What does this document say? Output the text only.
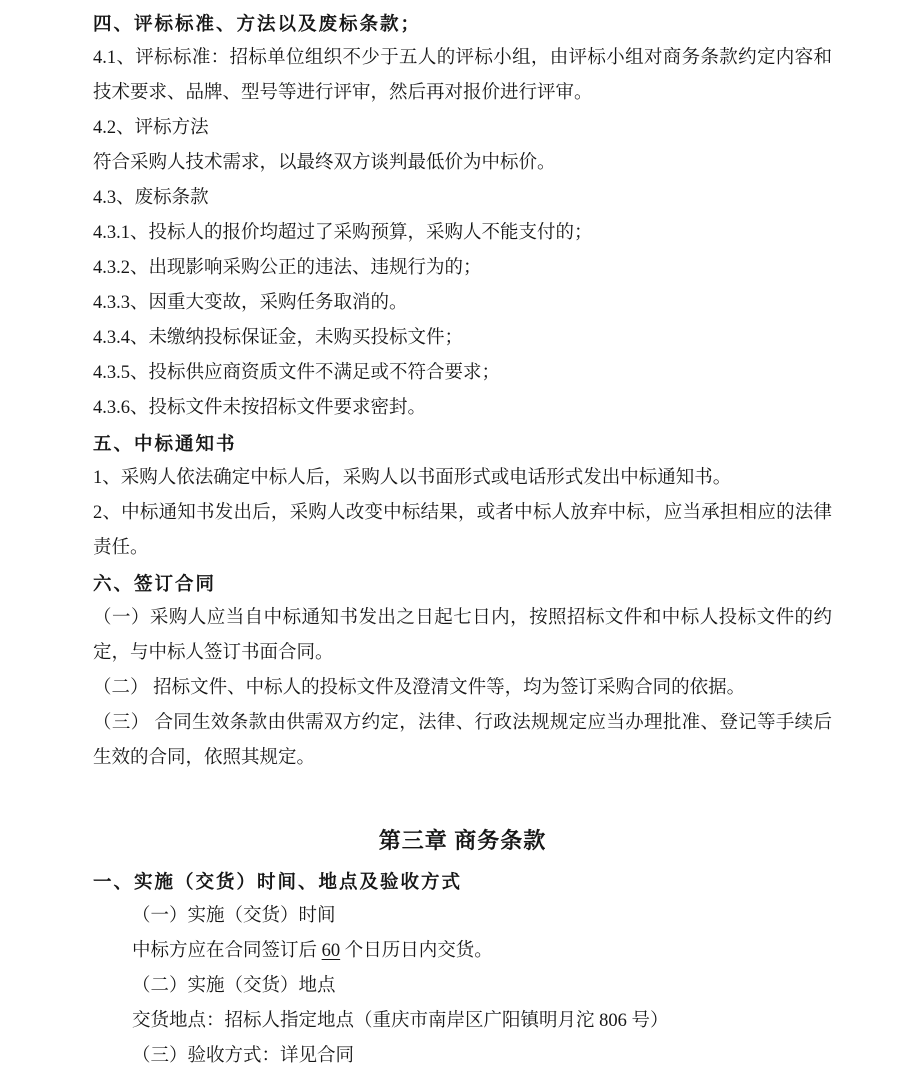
四、评标标准、方法以及废标条款；

4.1、评标标准：招标单位组织不少于五人的评标小组，由评标小组对商务条款约定内容和技术要求、品牌、型号等进行评审，然后再对报价进行评审。

4.2、评标方法

符合采购人技术需求，以最终双方谈判最低价为中标价。

4.3、废标条款

4.3.1、投标人的报价均超过了采购预算，采购人不能支付的；

4.3.2、出现影响采购公正的违法、违规行为的；

4.3.3、因重大变故，采购任务取消的。

4.3.4、未缴纳投标保证金，未购买投标文件；

4.3.5、投标供应商资质文件不满足或不符合要求；

4.3.6、投标文件未按招标文件要求密封。

五、中标通知书

1、采购人依法确定中标人后，采购人以书面形式或电话形式发出中标通知书。

2、中标通知书发出后，采购人改变中标结果，或者中标人放弃中标，应当承担相应的法律责任。

六、签订合同

（一）采购人应当自中标通知书发出之日起七日内，按照招标文件和中标人投标文件的约定，与中标人签订书面合同。

（二） 招标文件、中标人的投标文件及澄清文件等，均为签订采购合同的依据。

（三） 合同生效条款由供需双方约定，法律、行政法规规定应当办理批准、登记等手续后生效的合同，依照其规定。

第三章 商务条款

一、实施（交货）时间、地点及验收方式

（一）实施（交货）时间

中标方应在合同签订后 60 个日历日内交货。

（二）实施（交货）地点

交货地点：招标人指定地点（重庆市南岸区广阳镇明月沱 806 号）

（三）验收方式：详见合同
